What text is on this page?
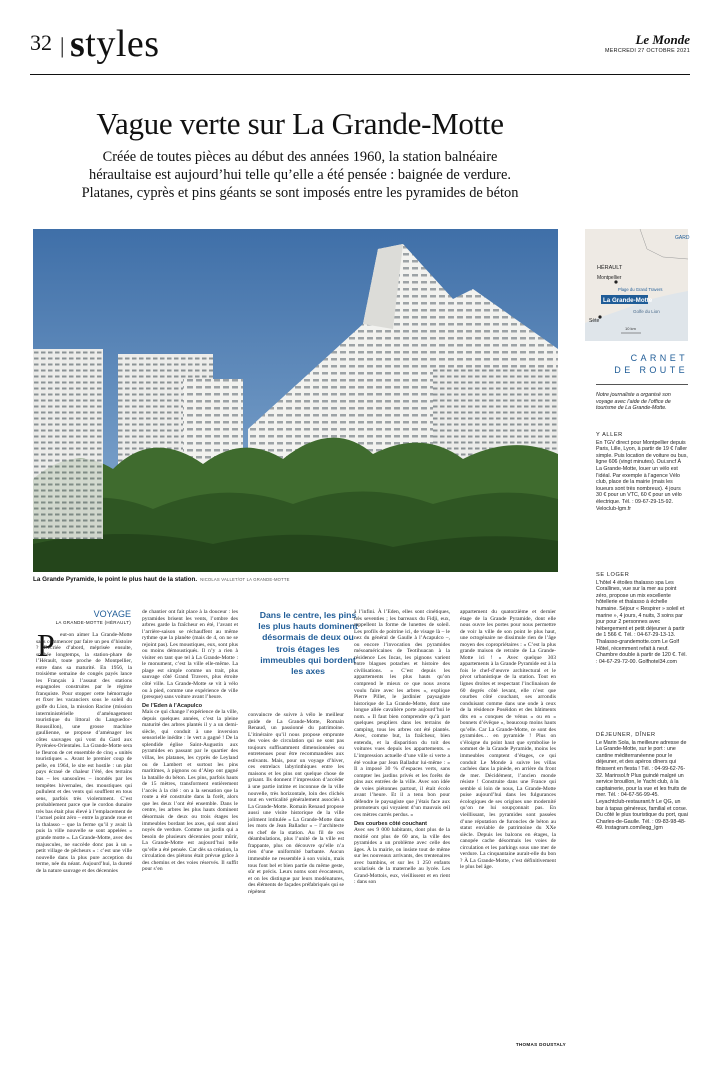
32 | styles	Le Monde
MERCREDI 27 OCTOBRE 2021
Vague verte sur La Grande-Motte
Créée de toutes pièces au début des années 1960, la station balnéaire héraultaise est aujourd’hui telle qu’elle a été pensée : baignée de verdure. Platanes, cyprès et pins géants se sont imposés entre les pyramides de béton
La Grande Pyramide, le point le plus haut de la station. NICOLAS VALLET/OT LA GRANDE-MOTTE
GARD
HÉRAULT
Montpellier
Plage du Grand Travers
La Grande-Motte
Golfe du Lion
Sète
10 km
CARNET
DE ROUTE
Notre journaliste a organisé son voyage avec l’aide de l’office de tourisme de La Grande-Motte.
Y ALLER
En TGV direct pour Montpellier depuis Paris, Lille, Lyon, à partir de 19 € l’aller simple. Puis location de voiture ou bus, ligne 606 (vingt minutes). Oui.sncf À La Grande-Motte, louer un vélo est l’idéal. Par exemple à l’agence Vélo club, place de la mairie (mais les loueurs sont très nombreux). 4 jours 30 € pour un VTC, 60 € pour un vélo électrique. Tél. : 09-67-29-15-92. Veloclub-lgm.fr
SE LOGER
L’hôtel 4 étoiles thalasso spa Les Corallines, vue sur la mer au point zéro, propose un mix excellente hôtellerie et thalasso à échelle humaine. Séjour « Respirer » soleil et marine », 4 jours, 4 nuits, 3 soins par jour pour 2 personnes avec hébergement et petit déjeuner à partir de 1 566 €. Tél. : 04-67-29-13-13. Thalasso-grandemotte.com Le Golf Hôtel, récemment refait à neuf. Chambre double à partir de 120 €. Tél. : 04-67-29-72-00. Golfhotel34.com
DÉJEUNER, DÎNER
Le Marin Sola, la meilleure adresse de La Grande-Motte, sur le port : une cantine méditerranéenne pour le déjeuner, et des apéros dîners qui finissent en fiesta ! Tél. : 04-99-62-76-32. Marinsol.fr Plus guindé malgré un service brouillon, le Yacht club, à la capitainerie, pour la vue et les fruits de mer. Tél. : 04-67-56-99-45. Leyachtclub-restaurant.fr Le QG, un bar à tapas généreux, familial et corse. Du côté le plus touristique du port, quai Charles-de-Gaulle. Tél. : 09-83-98-48-49. Instagram.com/leqg_lgm
VOYAGE
LA GRANDE-MOTTE (HÉRAULT)
P eut-on aimer La Grande-Motte sans commencer par faire un peu d’histoire ? Décriée d’abord, méprisée ensuite, snobée longtemps, la station-phare de l’Hérault, toute proche de Montpellier, entre dans sa maturité. En 1956, la troisième semaine de congés payés lance les Français à l’assaut des stations espagnoles construites par le régime franquiste. Pour stopper cette hémorragie et fixer les vacanciers sous le soleil du golfe du Lion, la mission Racine (mission interministérielle d’aménagement touristique du littoral du Languedoc-Roussillon), une grosse machine gaullienne, se propose d’aménager les côtes sauvages qui vont du Gard aux Pyrénées-Orientales. La Grande-Motte sera le fleuron de cet ensemble de cinq « unités touristiques ». Avant le premier coup de pelle, en 1964, le site est hostile : un plat pays écrasé de chaleur l’été, des terrains bas – les sansouïres – inondés par les tempêtes hivernales, des moustiques qui pullulent et des vents qui soufflent en tous sens, parfois très violemment. C’est probablement parce que le cordon dunaire très bas était plus élevé à l’emplacement de l’actuel point zéro – entre la grande roue et la thalasso – que la ferme qu’il y avait là puis la ville nouvelle se sont appelées « grande motte ». La Grande-Motte, avec des majuscules, ne succède donc pas à un « petit village de pêcheurs » : c’est une ville nouvelle dans la plus pure acception du terme, née du néant. Aujourd’hui, la dureté de la nature sauvage et des décennies
de chantier ont fait place à la douceur : les pyramides brisent les vents, l’ombre des arbres garde la fraîcheur en été, l’avant et l’arrière-saison se réchauffent au même rythme que la planète (mais de 4, on ne se rejoint pas). Les moustiques, eux, sont plus ou moins démoustiqués. Il n’y a rien à visiter en tant que tel à La Grande-Motte : le monument, c’est la ville elle-même. La plage est simple comme un trait, plus sauvage côté Grand Travers, plus étroite côté ville. La Grande-Motte se vit à vélo ou à pied, comme une expérience de ville (presque) sans voiture avant l’heure.
De l’Eden à l’Acapulco
Mais ce qui change l’expérience de la ville, depuis quelques années, c’est la pleine maturité des arbres plantés il y a un demi-siècle, qui conduit à une inversion sensorielle inédite : le vert a gagné ! De la splendide église Saint-Augustin aux pyramides en passant par le quartier des villas, les platanes, les cyprès de Leyland ou de Lambert et surtout les pins maritimes, à pignons ou d’Alep ont gagné la bataille du béton. Les pins, parfois hauts de 15 mètres, transforment entièrement l’accès à la cité : on a la sensation que la route a été construite dans la forêt, alors que les deux l’ont été ensemble. Dans le centre, les arbres les plus hauts dominent désormais de deux ou trois étages les immeubles bordant les axes, qui sont ainsi noyés de verdure. Comme un jardin qui a besoin de plusieurs décennies pour mûrir, La Grande-Motte est aujourd’hui telle qu’elle a été pensée. Car dès sa création, la circulation des piétons était prévue grâce à des chemins et des voies réservés. Il suffit pour s’en
Dans le centre, les pins les plus hauts dominent désormais de deux ou trois étages les immeubles qui bordent les axes
convaincre de suivre à vélo le meilleur guide de La Grande-Motte, Romain Renaud, un passionné du patrimoine. L’itinéraire qu’il nous propose emprunte des voies de circulation qui ne sont pas toujours suffisamment dimensionnées ou entretenues pour être recommandées aux estivants. Mais, pour un voyage d’hiver, ces entrelacs labyrinthiques entre les maisons et les pins ont quelque chose de grisant. Ils donnent l’impression d’accéder à une partie intime et inconnue de la ville nouvelle, très horizontale, loin des clichés tout en verticalité généralement associés à La Grande-Motte. Romain Renaud propose aussi une visite historique de la ville joliment intitulée « La Grande-Motte dans les mots de Jean Balladur » – l’architecte en chef de la station. Au fil de ces déambulations, plus l’unité de la ville est frappante, plus on découvre qu’elle n’a rien d’une uniformité barbante. Aucun immeuble ne ressemble à son voisin, mais tous font bel et bien partie du même geste, sûr et précis. Leurs noms sont évocateurs, et on les distingue par leurs modénatures, des éléments de façades préfabriqués qui se répètent
à l’infini. À l’Eden, elles sont cinétiques, très seventies ; les barreaux du Fidji, eux, rappellent la forme de lunettes de soleil. Les profils de poitrine ici, de visage là – le nez du général de Gaulle à l’Acapulco –, ou encore l’invocation des pyramides mésoaméricaines de Teotihuacan à la résidence Les Incas, les pignons varient entre blagues potaches et histoire des civilisations. « C’est depuis les appartements les plus hauts qu’on comprend le mieux ce que nous avons voulu faire avec les arbres », explique Pierre Pillet, le jardinier paysagiste historique de La Grande-Motte, dont une longue allée cavalière porte aujourd’hui le nom. « Il faut bien comprendre qu’à part quelques peupliers dans les terrains de camping, tous les arbres ont été plantés. Avec, comme but, la fraîcheur, bien entendu, et la disparition du toit des voitures vues depuis les appartements. » L’impression actuelle d’une ville si verte a été voulue par Jean Balladur lui-même : « Il a imposé 30 % d’espaces verts, sans compter les jardins privés et les forêts de pins aux entrées de la ville. Avec son idée de voies piétonnes partout, il était écolo avant l’heure. Et il a tenu bon pour défendre le paysagiste que j’étais face aux promoteurs qui voyaient d’un mauvais œil ces mètres carrés perdus. »
Des courbes côté couchant
Avec ses 9 000 habitants, dont plus de la moitié ont plus de 60 ans, la ville des pyramides a un problème avec celle des âges. À la mairie, on insiste tout de même sur les nouveaux arrivants, des trentenaires avec bambins, et sur les 1 250 enfants scolarisés de la maternelle au lycée. Les Grand-Mottois, eux, vieillissent et en rient : dans son
appartement du quatorzième et dernier étage de la Grande Pyramide, dont elle nous ouvre les portes pour nous permettre de voir la ville de son point le plus haut, une octogénaire ne dissimule rien de l’âge moyen des copropriétaires : « C’est la plus grande maison de retraite de La Grande-Motte ici ! » Avec quelque 303 appartements à la Grande Pyramide est à la fois le chef-d’œuvre architectural et le pivot urbanistique de la station. Tout en lignes droites et respectant l’inclinaison de 60 degrés côté levant, elle n’est que courbes côté couchant, ses arrondis conduisant comme dans une onde à ceux de la résidence Poséidon et des bâtiments dits en « conques de vénus » ou en « bonnets d’évêque », beaucoup moins hauts qu’elle. Car La Grande-Motte, ce sont des pyramides… en pyramide ! Plus on s’éloigne du point haut que symbolise le sommet de la Grande Pyramide, moins les immeubles comptent d’étages, ce qui conduit Le Monde à suivre les villas cachées dans la pinède, en arrière du front de mer. Décidément, l’ancien monde résiste ! Construite dans une France qui semble si loin de nous, La Grande-Motte puise aujourd’hui dans les fulgurances écologiques de ses origines une modernité qu’on ne lui soupçonnait pas. En vieillissant, les pyramides sont passées d’une réputation de furoncles de béton au statut enviable de patrimoine du XXe siècle. Depuis les balcons en étages, la canopée cache désormais les voies de circulation et les parkings sous une mer de verdure. La cinquantaine aurait-elle du bon ? À La Grande-Motte, c’est définitivement le plus bel âge.
THOMAS DOUSTALY
